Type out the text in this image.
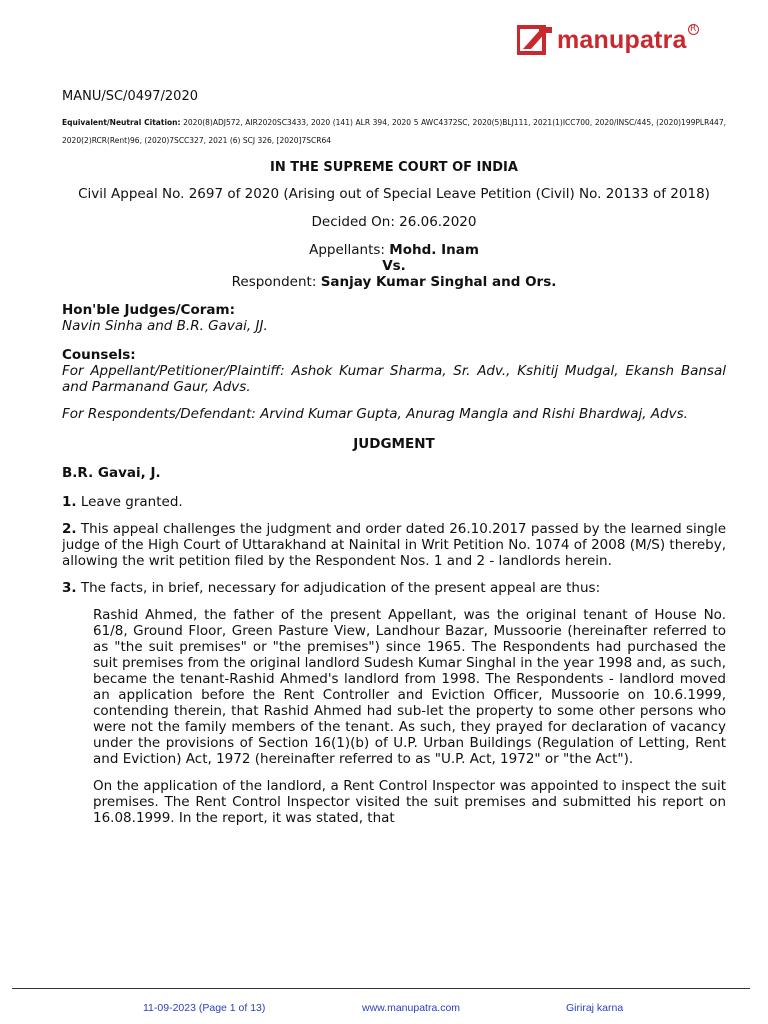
manupatra R

MANU/SC/0497/2020

Equivalent/Neutral Citation: 2020(8)ADJ572, AIR2020SC3433, 2020 (141) ALR 394, 2020 5 AWC4372SC, 2020(5)BLJ111, 2021(1)ICC700, 2020/INSC/445, (2020)199PLR447, 2020(2)RCR(Rent)96, (2020)7SCC327, 2021 (6) SCJ 326, [2020]7SCR64

IN THE SUPREME COURT OF INDIA

Civil Appeal No. 2697 of 2020 (Arising out of Special Leave Petition (Civil) No. 20133 of 2018)

Decided On: 26.06.2020

Appellants: Mohd. Inam

Vs.

Respondent: Sanjay Kumar Singhal and Ors.

Hon'ble Judges/Coram:

Navin Sinha and B.R. Gavai, JJ.

Counsels:

For Appellant/Petitioner/Plaintiff: Ashok Kumar Sharma, Sr. Adv., Kshitij Mudgal, Ekansh Bansal and Parmanand Gaur, Advs.

For Respondents/Defendant: Arvind Kumar Gupta, Anurag Mangla and Rishi Bhardwaj, Advs.

JUDGMENT

B.R. Gavai, J.

1. Leave granted.

2. This appeal challenges the judgment and order dated 26.10.2017 passed by the learned single judge of the High Court of Uttarakhand at Nainital in Writ Petition No. 1074 of 2008 (M/S) thereby, allowing the writ petition filed by the Respondent Nos. 1 and 2 - landlords herein.

3. The facts, in brief, necessary for adjudication of the present appeal are thus:

Rashid Ahmed, the father of the present Appellant, was the original tenant of House No. 61/8, Ground Floor, Green Pasture View, Landhour Bazar, Mussoorie (hereinafter referred to as "the suit premises" or "the premises") since 1965. The Respondents had purchased the suit premises from the original landlord Sudesh Kumar Singhal in the year 1998 and, as such, became the tenant-Rashid Ahmed's landlord from 1998. The Respondents - landlord moved an application before the Rent Controller and Eviction Officer, Mussoorie on 10.6.1999, contending therein, that Rashid Ahmed had sub-let the property to some other persons who were not the family members of the tenant. As such, they prayed for declaration of vacancy under the provisions of Section 16(1)(b) of U.P. Urban Buildings (Regulation of Letting, Rent and Eviction) Act, 1972 (hereinafter referred to as "U.P. Act, 1972" or "the Act").

On the application of the landlord, a Rent Control Inspector was appointed to inspect the suit premises. The Rent Control Inspector visited the suit premises and submitted his report on 16.08.1999. In the report, it was stated, that

11-09-2023 (Page 1 of 13)	www.manupatra.com	Giriraj karna
